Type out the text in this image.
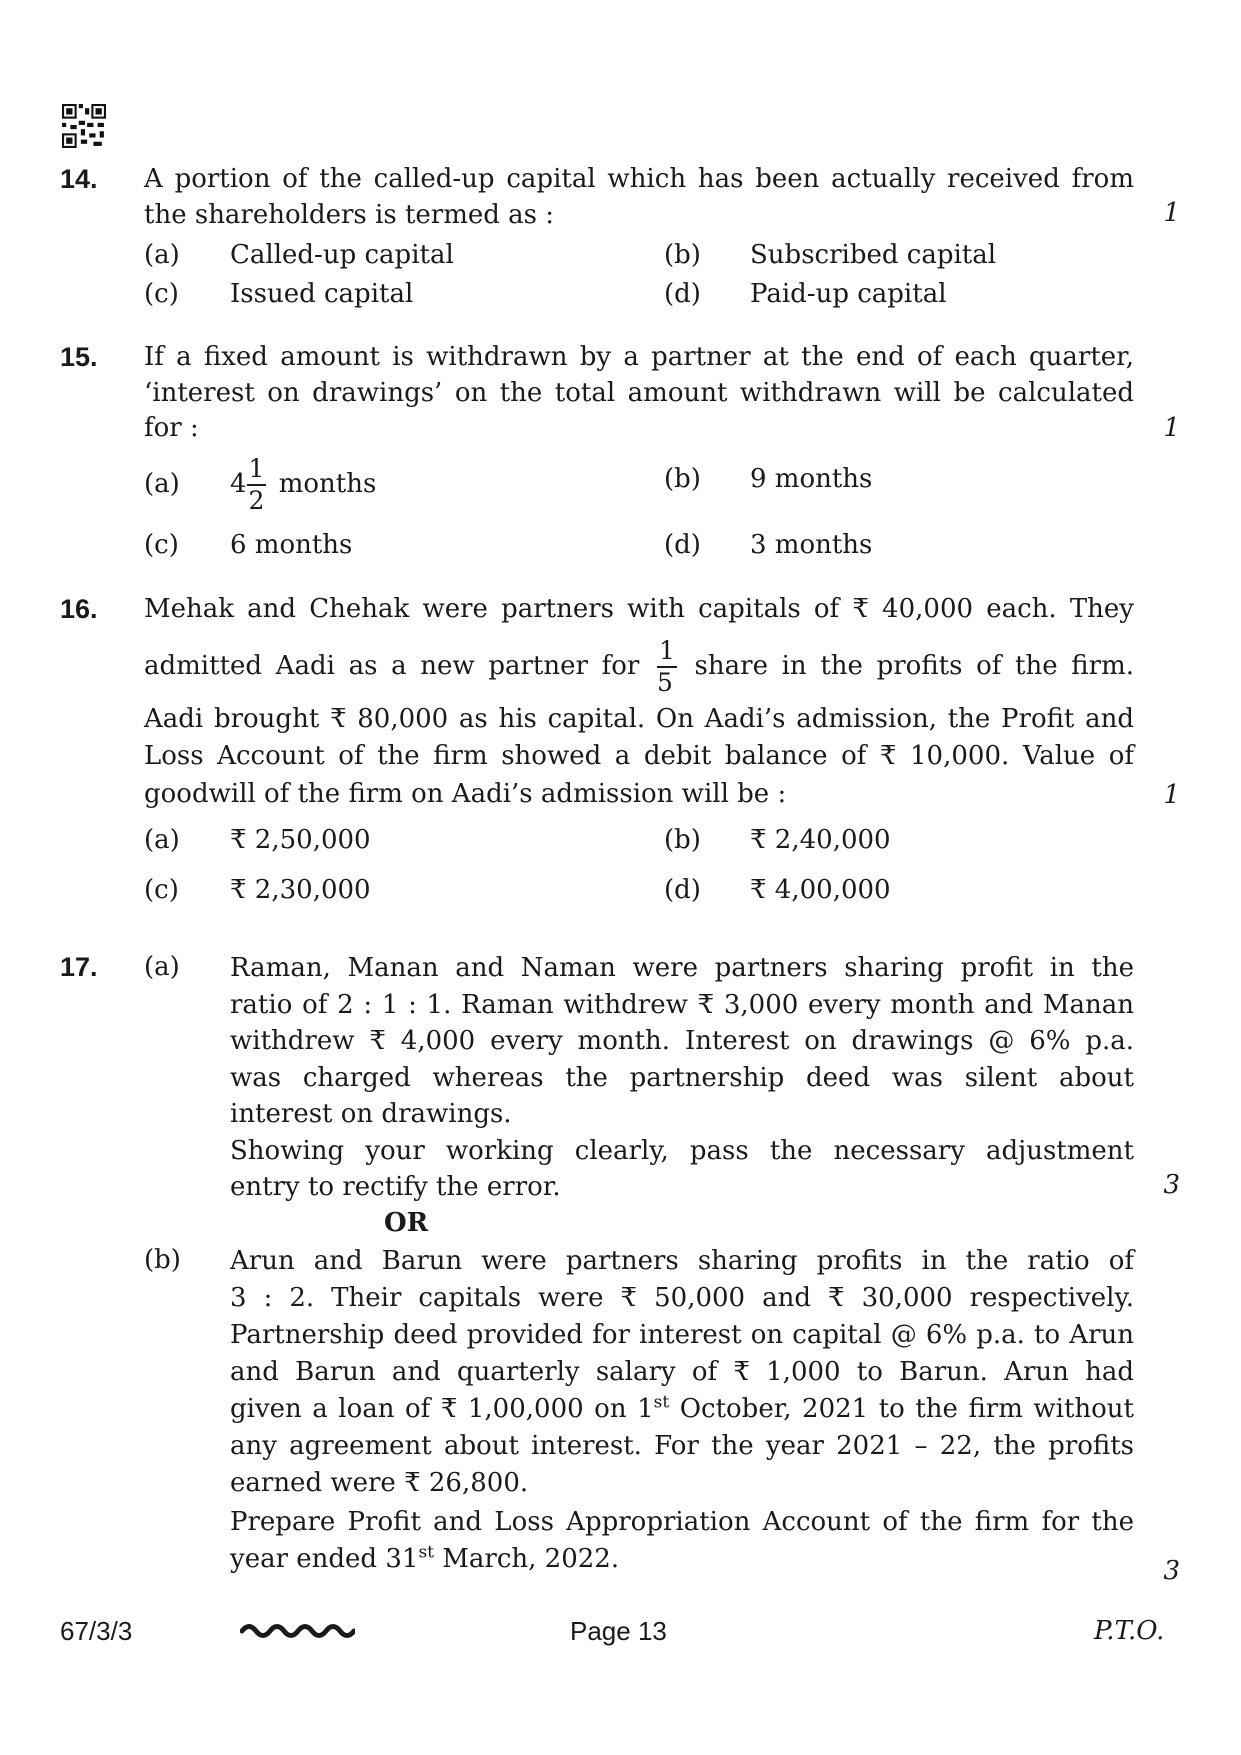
14. A portion of the called-up capital which has been actually received from
the shareholders is termed as :	1
(a) Called-up capital	(b) Subscribed capital
(c) Issued capital	(d) Paid-up capital
15. If a fixed amount is withdrawn by a partner at the end of each quarter,
‘interest on drawings’ on the total amount withdrawn will be calculated
for :	1
(a) $4 \frac{1}{2}$ months	(b) 9 months
(c) 6 months	(d) 3 months
16. Mehak and Chehak were partners with capitals of ₹ 40,000 each. They
admitted Aadi as a new partner for $\frac{1}{5}$ share in the profits of the firm.
Aadi brought ₹ 80,000 as his capital. On Aadi’s admission, the Profit and
Loss Account of the firm showed a debit balance of ₹ 10,000. Value of
goodwill of the firm on Aadi’s admission will be :	1
(a) ₹ 2,50,000	(b) ₹ 2,40,000
(c) ₹ 2,30,000	(d) ₹ 4,00,000
17. (a) Raman, Manan and Naman were partners sharing profit in the
ratio of 2 : 1 : 1. Raman withdrew ₹ 3,000 every month and Manan
withdrew ₹ 4,000 every month. Interest on drawings @ 6% p.a.
was charged whereas the partnership deed was silent about
interest on drawings.
Showing your working clearly, pass the necessary adjustment
entry to rectify the error.	3
OR
(b) Arun and Barun were partners sharing profits in the ratio of
3 : 2. Their capitals were ₹ 50,000 and ₹ 30,000 respectively.
Partnership deed provided for interest on capital @ 6% p.a. to Arun
and Barun and quarterly salary of ₹ 1,000 to Barun. Arun had
given a loan of ₹ 1,00,000 on 1st October, 2021 to the firm without
any agreement about interest. For the year 2021 – 22, the profits
earned were ₹ 26,800.
Prepare Profit and Loss Appropriation Account of the firm for the
year ended 31st March, 2022.	3
67/3/3	Page 13	P.T.O.
